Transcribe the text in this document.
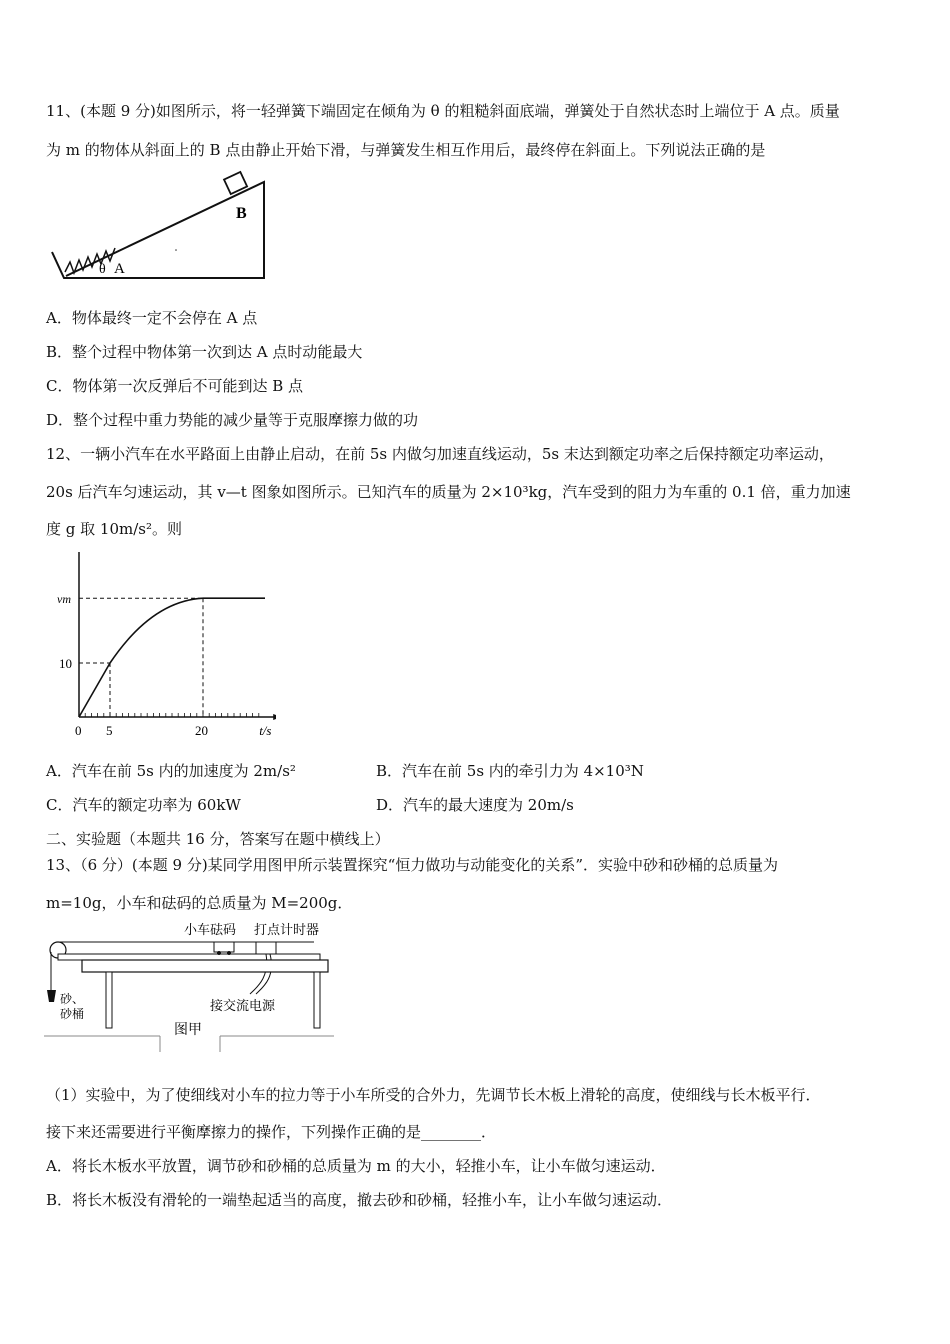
11、(本题 9 分)如图所示，将一轻弹簧下端固定在倾角为 θ 的粗糙斜面底端，弹簧处于自然状态时上端位于 A 点。质量
为 m 的物体从斜面上的 B 点由静止开始下滑，与弹簧发生相互作用后，最终停在斜面上。下列说法正确的是
B
θ A
A．物体最终一定不会停在 A 点
B．整个过程中物体第一次到达 A 点时动能最大
C．物体第一次反弹后不可能到达 B 点
D．整个过程中重力势能的减少量等于克服摩擦力做的功
12、一辆小汽车在水平路面上由静止启动，在前 5s 内做匀加速直线运动，5s 末达到额定功率之后保持额定功率运动，
20s 后汽车匀速运动，其 v—t 图象如图所示。已知汽车的质量为 2×10³kg，汽车受到的阻力为车重的 0.1 倍，重力加速
度 g 取 10m/s²。则
0 5	20	t/s
10
vm
A．汽车在前 5s 内的加速度为 2m/s²	B．汽车在前 5s 内的牵引力为 4×10³N
C．汽车的额定功率为 60kW	D．汽车的最大速度为 20m/s
二、实验题（本题共 16 分，答案写在题中横线上）
13、（6 分）(本题 9 分)某同学用图甲所示装置探究“恒力做功与动能变化的关系”．实验中砂和砂桶的总质量为
m=10g，小车和砝码的总质量为 M=200g．
小车砝码 打点计时器
砂、
砂桶	接交流电源
图甲
（1）实验中，为了使细线对小车的拉力等于小车所受的合外力，先调节长木板上滑轮的高度，使细线与长木板平行．
接下来还需要进行平衡摩擦力的操作，下列操作正确的是________．
A．将长木板水平放置，调节砂和砂桶的总质量为 m 的大小，轻推小车，让小车做匀速运动．
B．将长木板没有滑轮的一端垫起适当的高度，撤去砂和砂桶，轻推小车，让小车做匀速运动．
